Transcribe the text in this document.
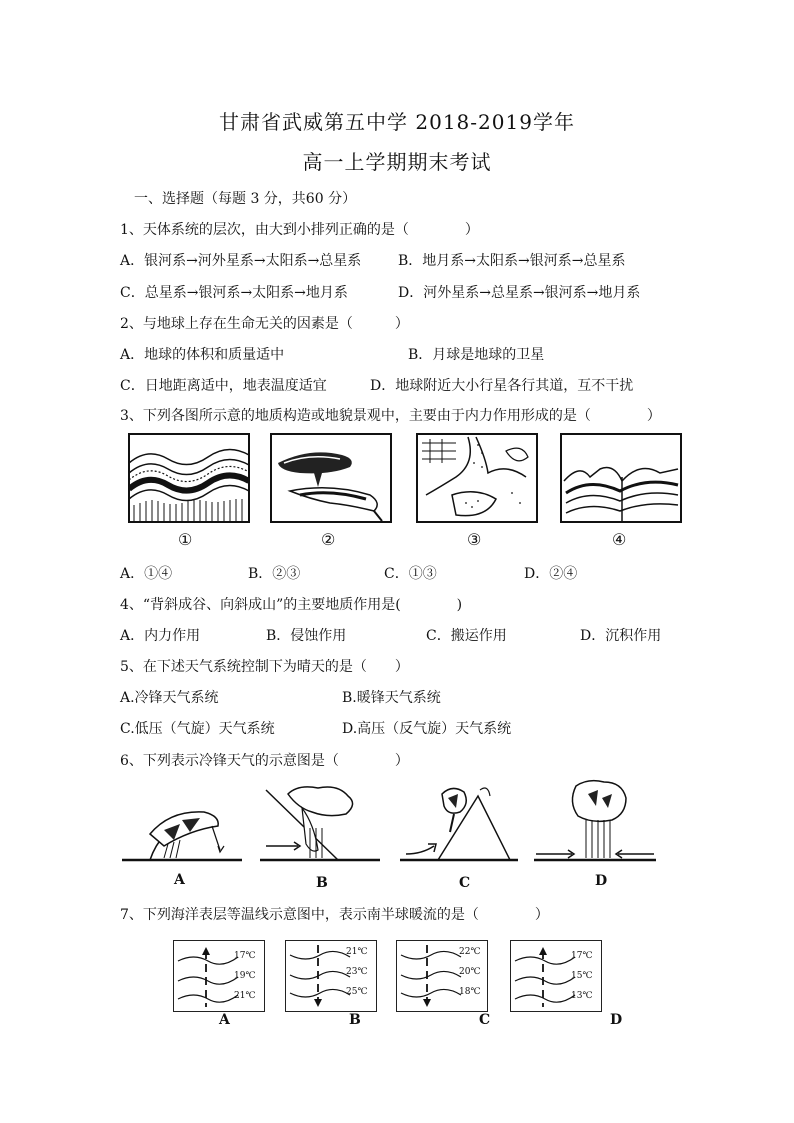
甘肃省武威第五中学 2018-2019学年
高一上学期期末考试
一、选择题（每题 3 分，共60 分）
1、天体系统的层次，由大到小排列正确的是（　　　　）
A．银河系→河外星系→太阳系→总星系	B．地月系→太阳系→银河系→总星系
C．总星系→银河系→太阳系→地月系	D．河外星系→总星系→银河系→地月系
2、与地球上存在生命无关的因素是（　　　）
A．地球的体积和质量适中	B．月球是地球的卫星
C．日地距离适中，地表温度适宜	D．地球附近大小行星各行其道，互不干扰
3、下列各图所示意的地质构造或地貌景观中，主要由于内力作用形成的是（　　　　）
①	②	③	④
A．①④	B．②③	C．①③	D．②④
4、“背斜成谷、向斜成山”的主要地质作用是(　　　　)
A．内力作用	B．侵蚀作用	C．搬运作用	D．沉积作用
5、在下述天气系统控制下为晴天的是（　　）
A.冷锋天气系统	B.暖锋天气系统
C.低压（气旋）天气系统	D.高压（反气旋）天气系统
6、下列表示冷锋天气的示意图是（　　　　）
A	B	C	D
7、下列海洋表层等温线示意图中，表示南半球暖流的是（　　　　）
17℃
19℃
21℃
21℃
23℃
25℃
22℃
20℃
18℃
17℃
15℃
13℃
A	B	C	D
